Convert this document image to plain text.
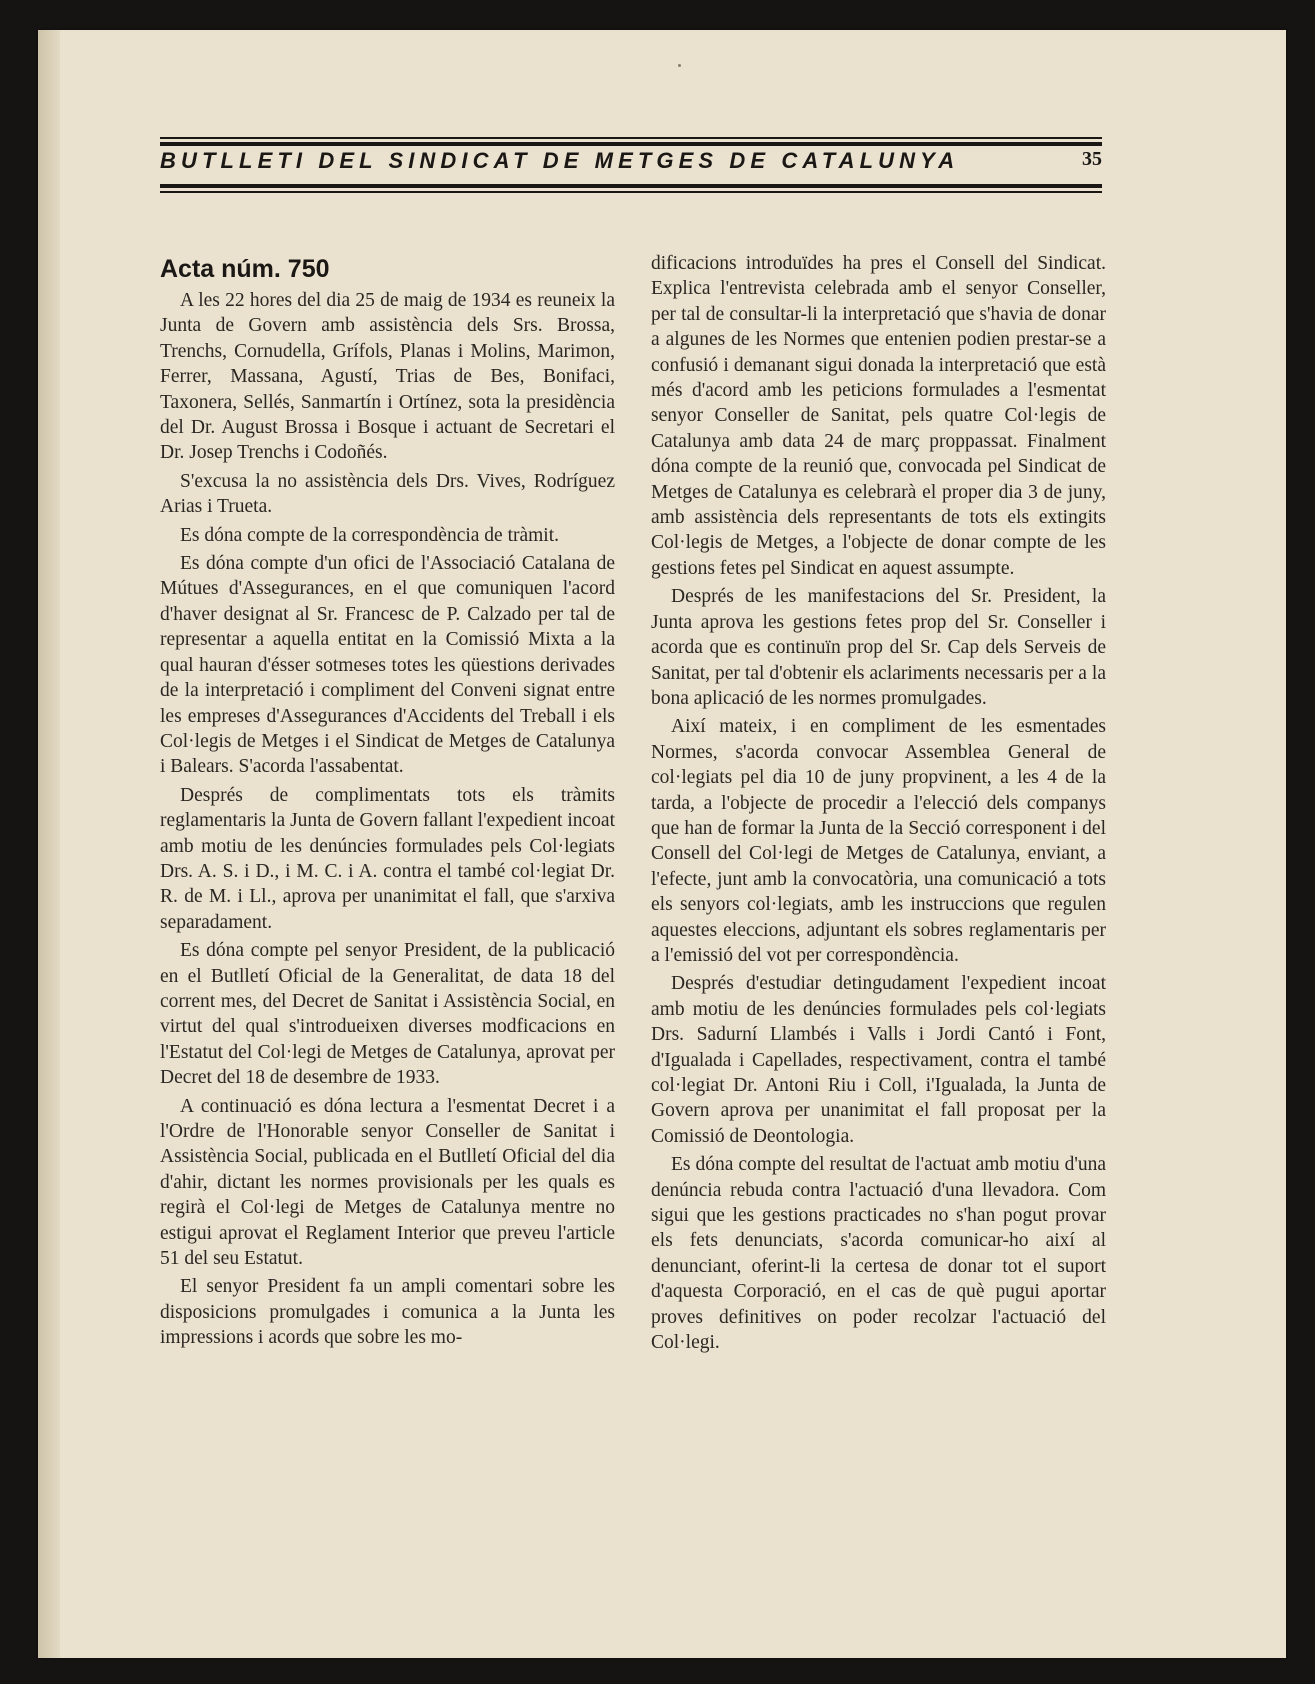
BUTLLETI DEL SINDICAT DE METGES DE CATALUNYA	35
Acta núm. 750

A les 22 hores del dia 25 de maig de 1934 es reuneix la Junta de Govern amb assistència dels Srs. Brossa, Trenchs, Cornudella, Grífols, Planas i Molins, Marimon, Ferrer, Massana, Agustí, Trias de Bes, Bonifaci, Taxonera, Sellés, Sanmartín i Ortínez, sota la presidència del Dr. August Brossa i Bosque i actuant de Secretari el Dr. Josep Trenchs i Codoñés.

S'excusa la no assistència dels Drs. Vives, Rodríguez Arias i Trueta.

Es dóna compte de la correspondència de tràmit.

Es dóna compte d'un ofici de l'Associació Catalana de Mútues d'Assegurances, en el que comuniquen l'acord d'haver designat al Sr. Francesc de P. Calzado per tal de representar a aquella entitat en la Comissió Mixta a la qual hauran d'ésser sotmeses totes les qüestions derivades de la interpretació i compliment del Conveni signat entre les empreses d'Assegurances d'Accidents del Treball i els Col·legis de Metges i el Sindicat de Metges de Catalunya i Balears. S'acorda l'assabentat.

Després de complimentats tots els tràmits reglamentaris la Junta de Govern fallant l'expedient incoat amb motiu de les denúncies formulades pels Col·legiats Drs. A. S. i D., i M. C. i A. contra el també col·legiat Dr. R. de M. i Ll., aprova per unanimitat el fall, que s'arxiva separadament.

Es dóna compte pel senyor President, de la publicació en el Butlletí Oficial de la Generalitat, de data 18 del corrent mes, del Decret de Sanitat i Assistència Social, en virtut del qual s'introdueixen diverses modficacions en l'Estatut del Col·legi de Metges de Catalunya, aprovat per Decret del 18 de desembre de 1933.

A continuació es dóna lectura a l'esmentat Decret i a l'Ordre de l'Honorable senyor Conseller de Sanitat i Assistència Social, publicada en el Butlletí Oficial del dia d'ahir, dictant les normes provisionals per les quals es regirà el Col·legi de Metges de Catalunya mentre no estigui aprovat el Reglament Interior que preveu l'article 51 del seu Estatut.

El senyor President fa un ampli comentari sobre les disposicions promulgades i comunica a la Junta les impressions i acords que sobre les mo-

dificacions introduïdes ha pres el Consell del Sindicat. Explica l'entrevista celebrada amb el senyor Conseller, per tal de consultar-li la interpretació que s'havia de donar a algunes de les Normes que entenien podien prestar-se a confusió i demanant sigui donada la interpretació que està més d'acord amb les peticions formulades a l'esmentat senyor Conseller de Sanitat, pels quatre Col·legis de Catalunya amb data 24 de març proppassat. Finalment dóna compte de la reunió que, convocada pel Sindicat de Metges de Catalunya es celebrarà el proper dia 3 de juny, amb assistència dels representants de tots els extingits Col·legis de Metges, a l'objecte de donar compte de les gestions fetes pel Sindicat en aquest assumpte.

Després de les manifestacions del Sr. President, la Junta aprova les gestions fetes prop del Sr. Conseller i acorda que es continuïn prop del Sr. Cap dels Serveis de Sanitat, per tal d'obtenir els aclariments necessaris per a la bona aplicació de les normes promulgades.

Així mateix, i en compliment de les esmentades Normes, s'acorda convocar Assemblea General de col·legiats pel dia 10 de juny propvinent, a les 4 de la tarda, a l'objecte de procedir a l'elecció dels companys que han de formar la Junta de la Secció corresponent i del Consell del Col·legi de Metges de Catalunya, enviant, a l'efecte, junt amb la convocatòria, una comunicació a tots els senyors col·legiats, amb les instruccions que regulen aquestes eleccions, adjuntant els sobres reglamentaris per a l'emissió del vot per correspondència.

Després d'estudiar detingudament l'expedient incoat amb motiu de les denúncies formulades pels col·legiats Drs. Sadurní Llambés i Valls i Jordi Cantó i Font, d'Igualada i Capellades, respectivament, contra el també col·legiat Dr. Antoni Riu i Coll, i'Igualada, la Junta de Govern aprova per unanimitat el fall proposat per la Comissió de Deontologia.

Es dóna compte del resultat de l'actuat amb motiu d'una denúncia rebuda contra l'actuació d'una llevadora. Com sigui que les gestions practicades no s'han pogut provar els fets denunciats, s'acorda comunicar-ho així al denunciant, oferint-li la certesa de donar tot el suport d'aquesta Corporació, en el cas de què pugui aportar proves definitives on poder recolzar l'actuació del Col·legi.
